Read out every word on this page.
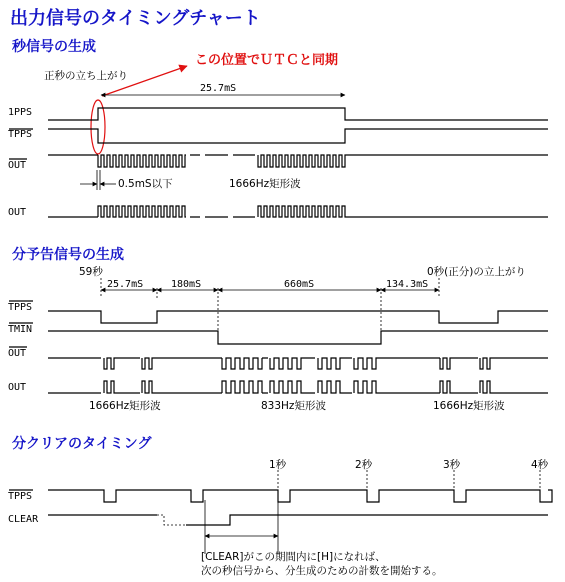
出力信号のタイミングチャート
秒信号の生成
分予告信号の生成
分クリアのタイミング
この位置でＵＴＣと同期
正秒の立ち上がり
25.7mS
1PPS
TPPS
OUT
0.5mS以下	1666Hz矩形波
OUT
59秒	0秒(正分)の立上がり
25.7mS	180mS	660mS	134.3mS
TPPS
TMIN
OUT
OUT
1666Hz矩形波	833Hz矩形波	1666Hz矩形波
1秒	2秒	3秒	4秒
TPPS
CLEAR
[CLEAR]がこの期間内に[H]になれば、
次の秒信号から、分生成のための計数を開始する。
